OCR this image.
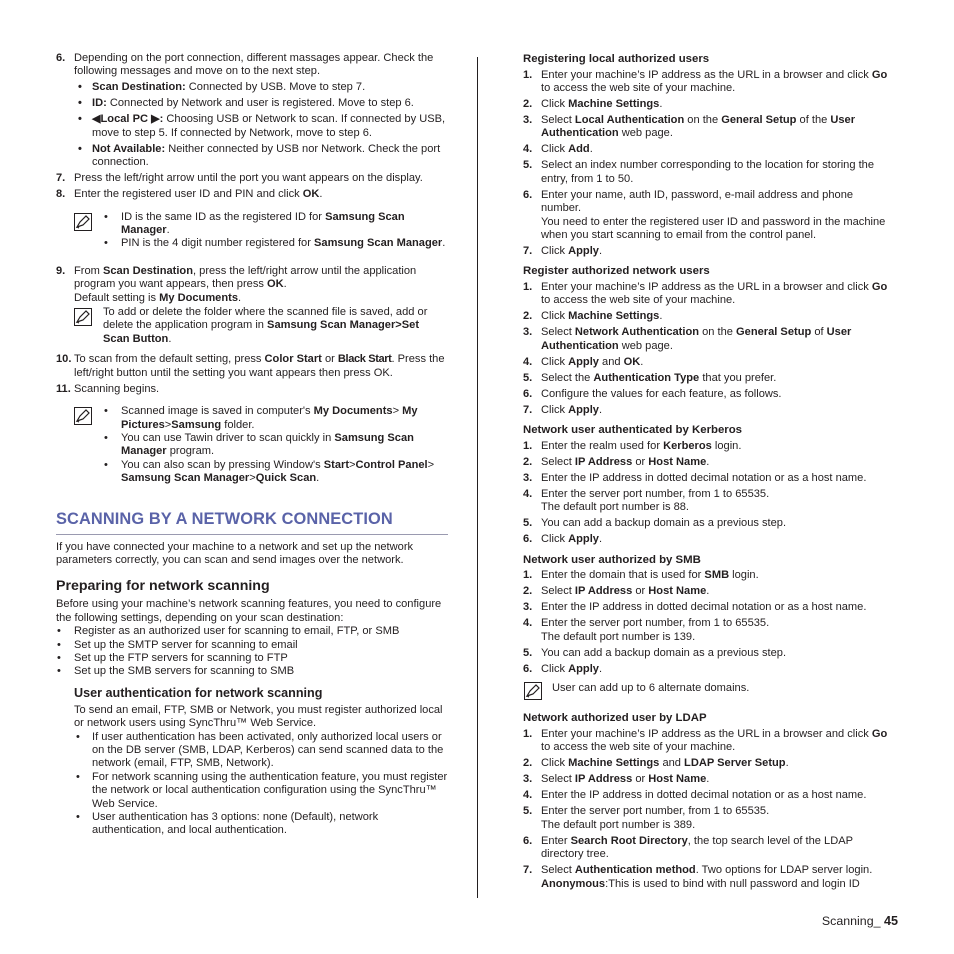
6. Depending on the port connection, different massages appear. Check the following messages and move on to the next step.
• Scan Destination: Connected by USB. Move to step 7.
• ID: Connected by Network and user is registered. Move to step 6.
• ◀Local PC ▶: Choosing USB or Network to scan. If connected by USB, move to step 5. If connected by Network, move to step 6.
• Not Available: Neither connected by USB nor Network. Check the port connection.
7. Press the left/right arrow until the port you want appears on the display.
8. Enter the registered user ID and PIN and click OK.
• ID is the same ID as the registered ID for Samsung Scan Manager.
• PIN is the 4 digit number registered for Samsung Scan Manager.
9. From Scan Destination, press the left/right arrow until the application program you want appears, then press OK.
Default setting is My Documents.
To add or delete the folder where the scanned file is saved, add or delete the application program in Samsung Scan Manager>Set Scan Button.
10. To scan from the default setting, press Color Start or Black Start. Press the left/right button until the setting you want appears then press OK.
11. Scanning begins.
• Scanned image is saved in computer's My Documents> My Pictures>Samsung folder.
• You can use Tawin driver to scan quickly in Samsung Scan Manager program.
• You can also scan by pressing Window's Start>Control Panel> Samsung Scan Manager>Quick Scan.
SCANNING BY A NETWORK CONNECTION
If you have connected your machine to a network and set up the network parameters correctly, you can scan and send images over the network.
Preparing for network scanning
Before using your machine’s network scanning features, you need to configure the following settings, depending on your scan destination:
• Register as an authorized user for scanning to email, FTP, or SMB
• Set up the SMTP server for scanning to email
• Set up the FTP servers for scanning to FTP
• Set up the SMB servers for scanning to SMB
User authentication for network scanning
To send an email, FTP, SMB or Network, you must register authorized local or network users using SyncThru™ Web Service.
• If user authentication has been activated, only authorized local users or on the DB server (SMB, LDAP, Kerberos) can send scanned data to the network (email, FTP, SMB, Network).
• For network scanning using the authentication feature, you must register the network or local authentication configuration using the SyncThru™ Web Service.
• User authentication has 3 options: none (Default), network authentication, and local authentication.
Registering local authorized users
1. Enter your machine’s IP address as the URL in a browser and click Go to access the web site of your machine.
2. Click Machine Settings.
3. Select Local Authentication on the General Setup of the User Authentication web page.
4. Click Add.
5. Select an index number corresponding to the location for storing the entry, from 1 to 50.
6. Enter your name, auth ID, password, e-mail address and phone number.
You need to enter the registered user ID and password in the machine when you start scanning to email from the control panel.
7. Click Apply.
Register authorized network users
1. Enter your machine’s IP address as the URL in a browser and click Go to access the web site of your machine.
2. Click Machine Settings.
3. Select Network Authentication on the General Setup of User Authentication web page.
4. Click Apply and OK.
5. Select the Authentication Type that you prefer.
6. Configure the values for each feature, as follows.
7. Click Apply.
Network user authenticated by Kerberos
1. Enter the realm used for Kerberos login.
2. Select IP Address or Host Name.
3. Enter the IP address in dotted decimal notation or as a host name.
4. Enter the server port number, from 1 to 65535.
The default port number is 88.
5. You can add a backup domain as a previous step.
6. Click Apply.
Network user authorized by SMB
1. Enter the domain that is used for SMB login.
2. Select IP Address or Host Name.
3. Enter the IP address in dotted decimal notation or as a host name.
4. Enter the server port number, from 1 to 65535.
The default port number is 139.
5. You can add a backup domain as a previous step.
6. Click Apply.
User can add up to 6 alternate domains.
Network authorized user by LDAP
1. Enter your machine’s IP address as the URL in a browser and click Go to access the web site of your machine.
2. Click Machine Settings and LDAP Server Setup.
3. Select IP Address or Host Name.
4. Enter the IP address in dotted decimal notation or as a host name.
5. Enter the server port number, from 1 to 65535.
The default port number is 389.
6. Enter Search Root Directory, the top search level of the LDAP directory tree.
7. Select Authentication method. Two options for LDAP server login.
Anonymous:This is used to bind with null password and login ID
Scanning_ 45
